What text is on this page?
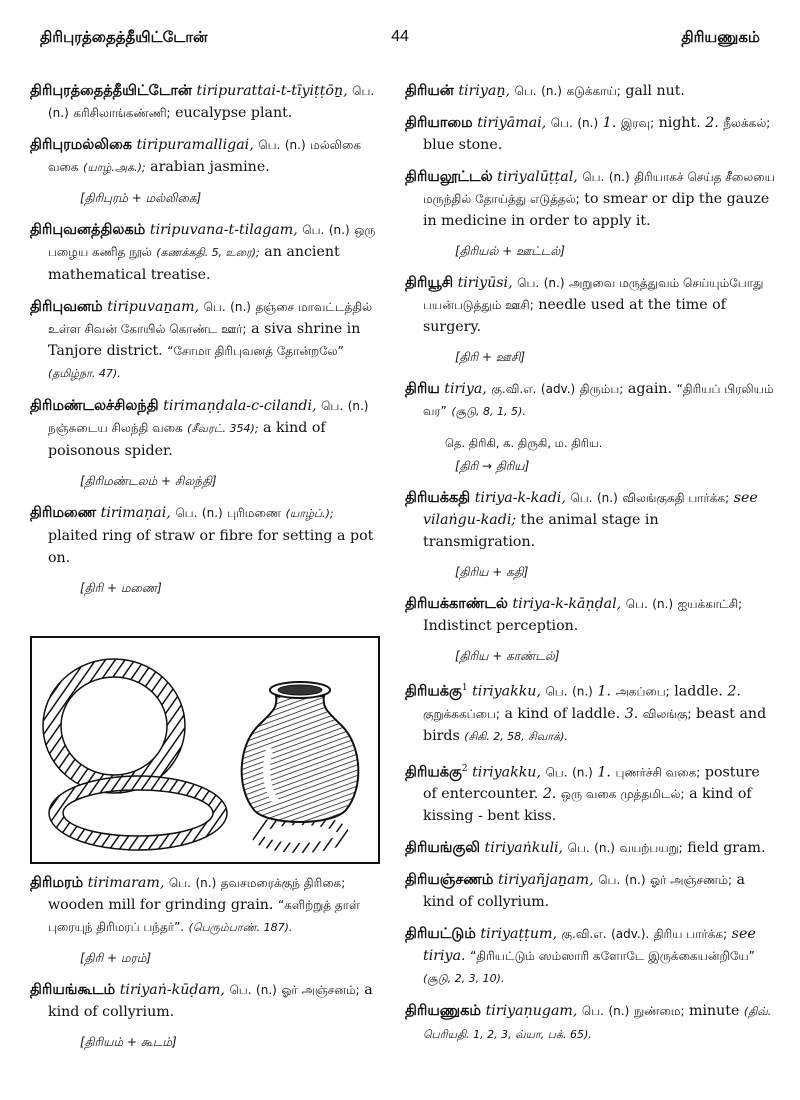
திரிபுரத்தைத்தீயிட்டோன்	44	திரியணுகம்
திரிபுரத்தைத்தீயிட்டோன் tiripurattai-t-tīyiṭṭōṉ, பெ. (n.) கரிசிலாங்கண்ணி; eucalypse plant.
திரிபுரமல்லிகை tiripuramalligai, பெ. (n.) மல்லிகை வகை (யாழ்.அக.); arabian jasmine.
[திரிபுரம் + மல்லிகை]
திரிபுவனத்திலகம் tiripuvana-t-tilagam, பெ. (n.) ஒரு பழைய கணித நூல் (கணக்கதி. 5, உரை); an ancient mathematical treatise.
திரிபுவனம் tiripuvaṉam, பெ. (n.) தஞ்சை மாவட்டத்தில் உள்ள சிவன் கோயில் கொண்ட ஊர்; a siva shrine in Tanjore district. “சோமா திரிபுவனத் தோன்றலே” (தமிழ்நா. 47).
திரிமண்டலச்சிலந்தி tirimaṇḍala-c-cilandi, பெ. (n.) நஞ்சுடைய சிலந்தி வகை (சீவரட். 354); a kind of poisonous spider.
[திரிமண்டலம் + சிலந்தி]
திரிமணை tirimaṇai, பெ. (n.) புரிமணை (யாழ்ப்.); plaited ring of straw or fibre for setting a pot on.
[திரி + மணை]
திரிமரம் tirimaram, பெ. (n.) தவசமரைக்குந் திரிகை; wooden mill for grinding grain. “களிற்றுத் தாள் புரையுந் திரிமரப் பந்தர்”. (பெரும்பாண். 187).
[திரி + மரம்]
திரியங்கூடம் tiriyaṅ-kūḍam, பெ. (n.) ஓர் அஞ்சனம்; a kind of collyrium.
[திரியம் + கூடம்]
திரியன் tiriyaṉ, பெ. (n.) கடுக்காய்; gall nut.
திரியாமை tiriyāmai, பெ. (n.) 1. இரவு; night. 2. நீலக்கல்; blue stone.
திரியலூட்டல் tiriyalūṭṭal, பெ. (n.) திரியாகச் செய்த சீலையை மருந்தில் தோய்த்து எடுத்தல்; to smear or dip the gauze in medicine in order to apply it.
[திரியல் + ஊட்டல்]
திரியூசி tiriyūsi, பெ. (n.) அறுவை மருத்துவம் செய்யும்போது பயன்படுத்தும் ஊசி; needle used at the time of surgery.
[திரி + ஊசி]
திரிய tiriya, கு.வி.எ. (adv.) திரும்ப; again. “திரியப் பிரலியம் வர” (சூடு, 8, 1, 5).
தெ. திரிகி, க. திருகி, ம. திரிய.
[திரி → திரிய]
திரியக்கதி tiriya-k-kadi, பெ. (n.) விலங்குகதி பார்க்க; see vilaṅgu-kadi; the animal stage in transmigration.
[திரிய + கதி]
திரியக்காண்டல் tiriya-k-kāṇḍal, பெ. (n.) ஐயக்காட்சி; Indistinct perception.
[திரிய + காண்டல்]
திரியக்கு$^1$ tiriyakku, பெ. (n.) 1. அகப்பை; laddle. 2. குறுக்ககப்பை; a kind of laddle. 3. விலங்கு; beast and birds (சிகி. 2, 58, சிவாக்).
திரியக்கு$^2$ tiriyakku, பெ. (n.) 1. புணர்ச்சி வகை; posture of entercounter. 2. ஒரு வகை முத்தமிடல்; a kind of kissing - bent kiss.
திரியங்குலி tiriyaṅkuli, பெ. (n.) வயற்பயறு; field gram.
திரியஞ்சணம் tiriyañjaṉam, பெ. (n.) ஓர் அஞ்சணம்; a kind of collyrium.
திரியட்டும் tiriyaṭṭum, கு.வி.எ. (adv.). திரிய பார்க்க; see tiriya. “திரியட்டும் ஸம்ஸாரி களோடே இருக்கையன்றியே” (சூடு, 2, 3, 10).
திரியணுகம் tiriyaṇugam, பெ. (n.) நுண்மை; minute (திவ். பெரியதி. 1, 2, 3, வ்யா, பக். 65).
